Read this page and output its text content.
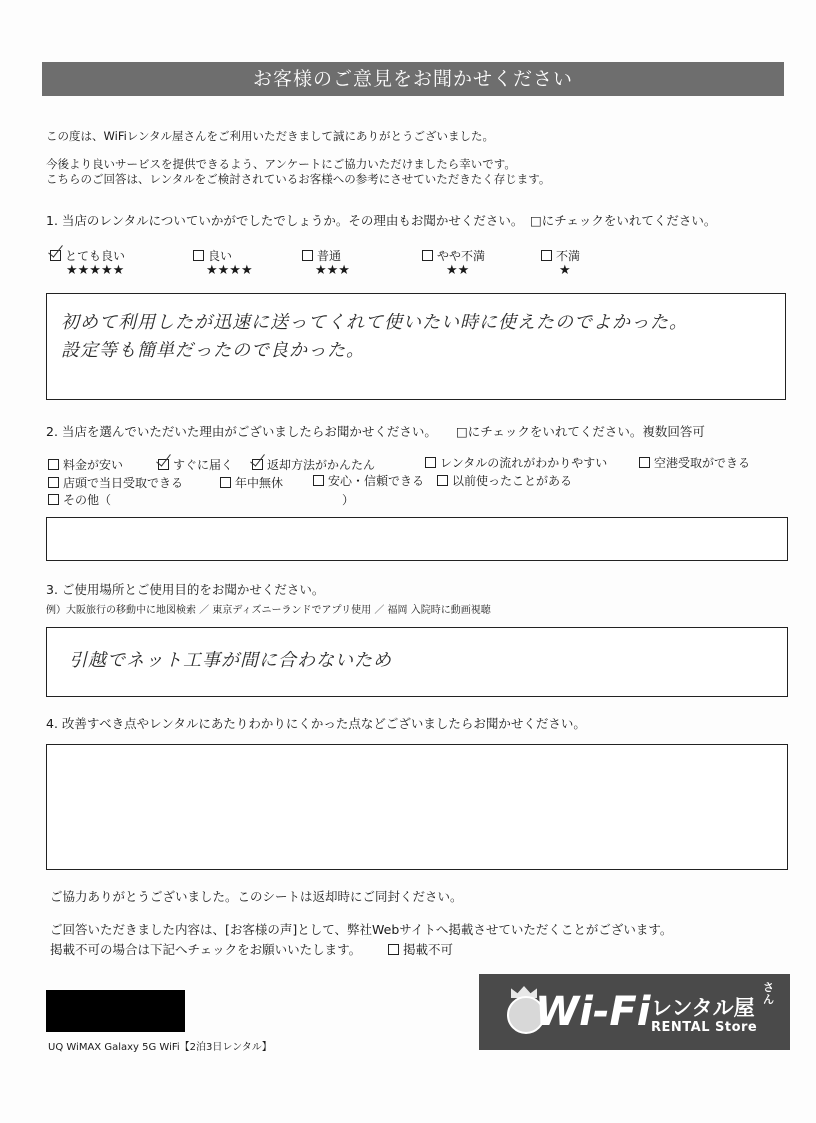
お客様のご意見をお聞かせください
この度は、WiFiレンタル屋さんをご利用いただきまして誠にありがとうございました。
今後より良いサービスを提供できるよう、アンケートにご協力いただけましたら幸いです。
こちらのご回答は、レンタルをご検討されているお客様への参考にさせていただきたく存じます。
1. 当店のレンタルについていかがでしたでしょうか。その理由もお聞かせください。 □にチェックをいれてください。
とても良い
★★★★★
良い
★★★★
普通
★★★
やや不満
★★
不満
★
初めて利用したが迅速に送ってくれて使いたい時に使えたのでよかった。
設定等も簡単だったので良かった。
2. 当店を選んでいただいた理由がございましたらお聞かせください。 □にチェックをいれてください。複数回答可
料金が安い	すぐに届く	返却方法がかんたん	レンタルの流れがわかりやすい	空港受取ができる
店頭で当日受取できる	年中無休	安心・信頼できる 以前使ったことがある
その他（	）
3. ご使用場所とご使用目的をお聞かせください。
例）大阪旅行の移動中に地図検索 ／ 東京ディズニーランドでアプリ使用 ／ 福岡 入院時に動画視聴
引越でネット工事が間に合わないため
4. 改善すべき点やレンタルにあたりわかりにくかった点などございましたらお聞かせください。
ご協力ありがとうございました。このシートは返却時にご同封ください。
ご回答いただきました内容は、[お客様の声]として、弊社Webサイトへ掲載させていただくことがございます。
掲載不可の場合は下記へチェックをお願いいたします。	掲載不可
UQ WiMAX Galaxy 5G WiFi【2泊3日レンタル】
Wi-Fi レンタル屋
さん
RENTAL Store
